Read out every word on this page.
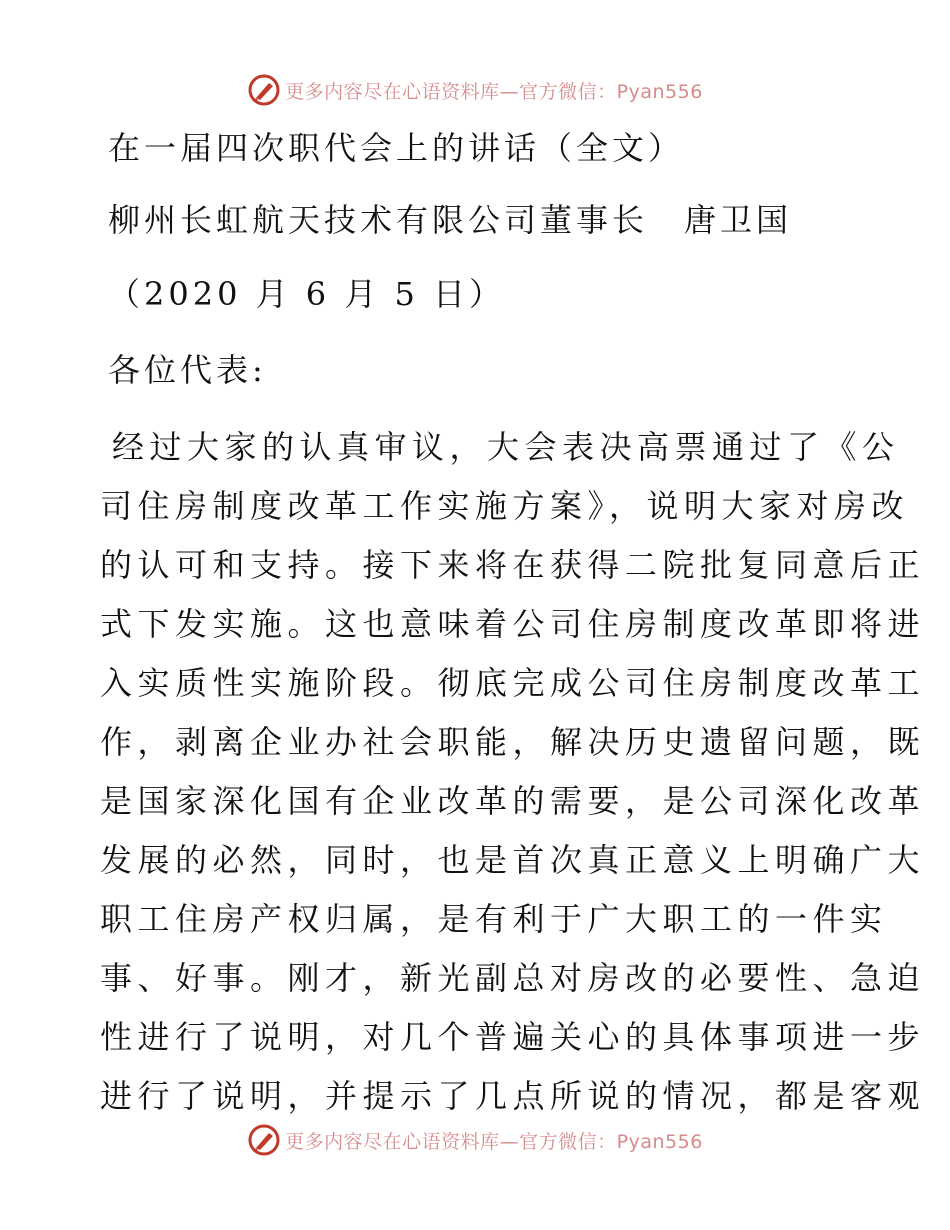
更多内容尽在心语资料库—官方微信：Pyan556
在一届四次职代会上的讲话（全文）
柳州长虹航天技术有限公司董事长　唐卫国
（2020 月 6 月 5 日）
各位代表:
经过大家的认真审议，大会表决高票通过了《公
司住房制度改革工作实施方案》，说明大家对房改
的认可和支持。接下来将在获得二院批复同意后正
式下发实施。这也意味着公司住房制度改革即将进
入实质性实施阶段。彻底完成公司住房制度改革工
作，剥离企业办社会职能，解决历史遗留问题，既
是国家深化国有企业改革的需要，是公司深化改革
发展的必然，同时，也是首次真正意义上明确广大
职工住房产权归属，是有利于广大职工的一件实
事、好事。刚才，新光副总对房改的必要性、急迫
性进行了说明，对几个普遍关心的具体事项进一步
进行了说明，并提示了几点所说的情况，都是客观
更多内容尽在心语资料库—官方微信：Pyan556
